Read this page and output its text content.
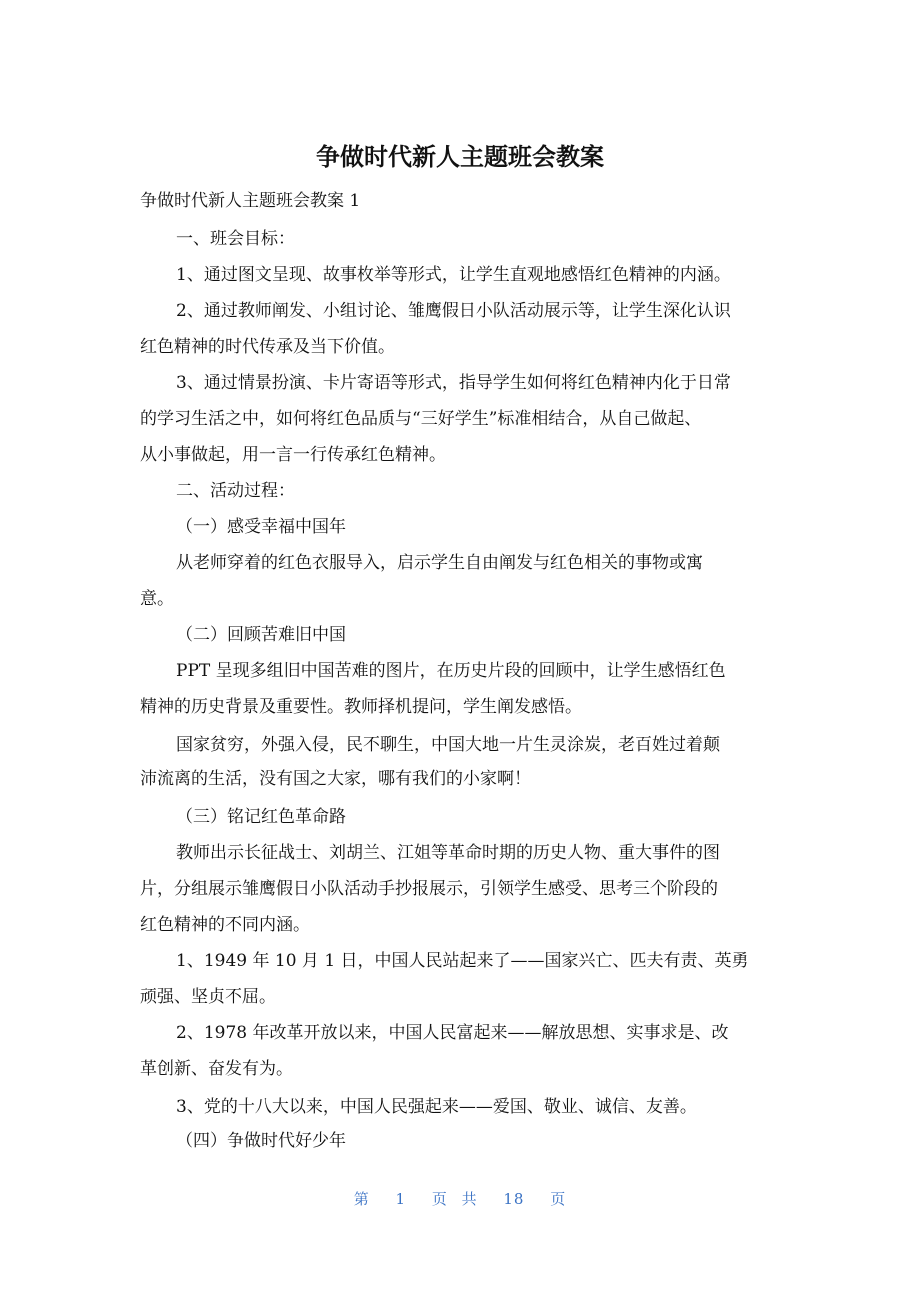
争做时代新人主题班会教案
争做时代新人主题班会教案 1
一、班会目标：
1、通过图文呈现、故事枚举等形式，让学生直观地感悟红色精神的内涵。
2、通过教师阐发、小组讨论、雏鹰假日小队活动展示等，让学生深化认识
红色精神的时代传承及当下价值。
3、通过情景扮演、卡片寄语等形式，指导学生如何将红色精神内化于日常
的学习生活之中，如何将红色品质与“三好学生”标准相结合，从自己做起、
从小事做起，用一言一行传承红色精神。
二、活动过程：
（一）感受幸福中国年
从老师穿着的红色衣服导入，启示学生自由阐发与红色相关的事物或寓
意。
（二）回顾苦难旧中国
PPT 呈现多组旧中国苦难的图片，在历史片段的回顾中，让学生感悟红色
精神的历史背景及重要性。教师择机提问，学生阐发感悟。
国家贫穷，外强入侵，民不聊生，中国大地一片生灵涂炭，老百姓过着颠
沛流离的生活，没有国之大家，哪有我们的小家啊！
（三）铭记红色革命路
教师出示长征战士、刘胡兰、江姐等革命时期的历史人物、重大事件的图
片，分组展示雏鹰假日小队活动手抄报展示，引领学生感受、思考三个阶段的
红色精神的不同内涵。
1、1949 年 10 月 1 日，中国人民站起来了——国家兴亡、匹夫有责、英勇
顽强、坚贞不屈。
2、1978 年改革开放以来，中国人民富起来——解放思想、实事求是、改
革创新、奋发有为。
3、党的十八大以来，中国人民强起来——爱国、敬业、诚信、友善。
（四）争做时代好少年
第 1 页 共 18 页
